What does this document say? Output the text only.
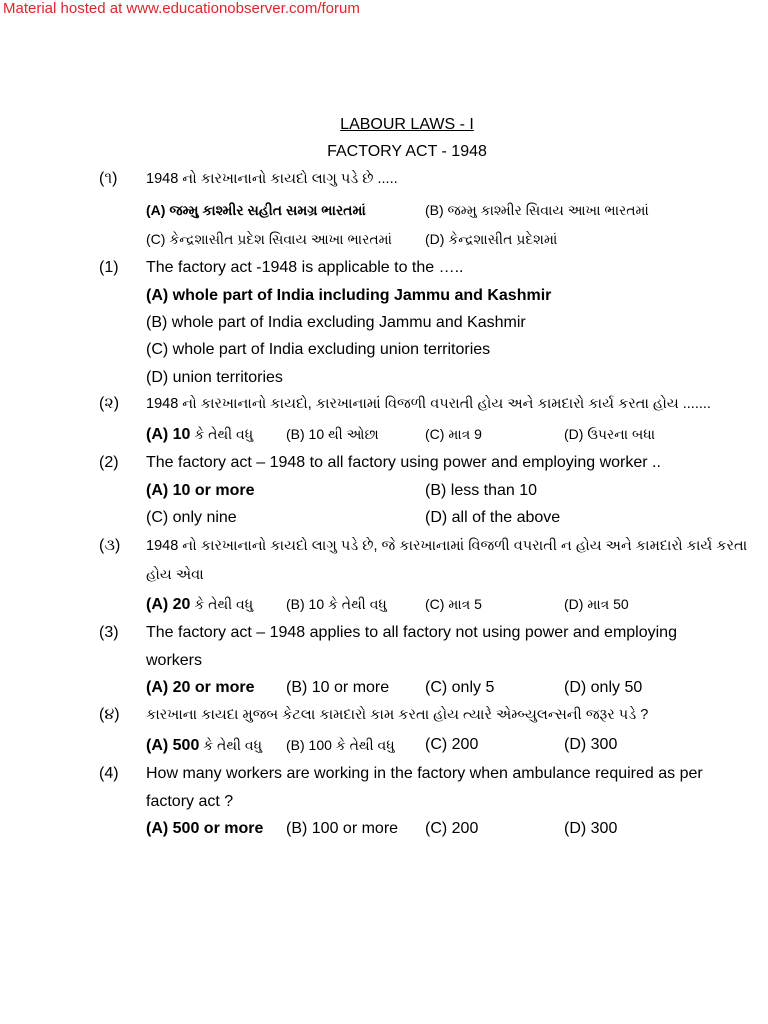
Material hosted at www.educationobserver.com/forum
LABOUR LAWS - I
FACTORY ACT - 1948
(૧) 1948 નો કારખાનાનો કાયદો લાગુ પડે છે .....
(A) જમ્મુ કાશ્મીર સહીત સમગ્ર ભારતમાં	(B) જમ્મુ કાશ્મીર સિવાય આખા ભારતમાં
(C) કેન્દ્રશાસીત પ્રદેશ સિવાય આખા ભારતમાં (D) કેન્દ્રશાસીત પ્રદેશમાં
(1) The factory act -1948 is applicable to the …..
(A) whole part of India including Jammu and Kashmir
(B) whole part of India excluding Jammu and Kashmir
(C) whole part of India excluding union territories
(D) union territories
(૨) 1948 નો કારખાનાનો કાયદો, કારખાનામાં વિજળી વપરાતી હોય અને કામદારો કાર્ય કરતા હોય .......
(A) 10 કે તેથી વધુ (B) 10 થી ઓછા	(C) માત્ર 9	(D) ઉપરના બધા
(2) The factory act – 1948 to all factory using power and employing worker ..
(A) 10 or more	(B) less than 10
(C) only nine	(D) all of the above
(૩) 1948 નો કારખાનાનો કાયદો લાગુ પડે છે, જે કારખાનામાં વિજળી વપરાતી ન હોય અને કામદારો કાર્ય કરતા
હોય એવા
(A) 20 કે તેથી વધુ (B) 10 કે તેથી વધુ	(C) માત્ર 5	(D) માત્ર 50
(3) The factory act – 1948 applies to all factory not using power and employing
workers
(A) 20 or more (B) 10 or more (C) only 5	(D) only 50
(૪) કારખાના કાયદા મુજબ કેટલા કામદારો કામ કરતા હોય ત્યારે એમ્બ્યુલન્સની જરૂર પડે ?
(A) 500 કે તેથી વધુ (B) 100 કે તેથી વધુ (C) 200	(D) 300
(4) How many workers are working in the factory when ambulance required as per
factory act ?
(A) 500 or more (B) 100 or more (C) 200	(D) 300
